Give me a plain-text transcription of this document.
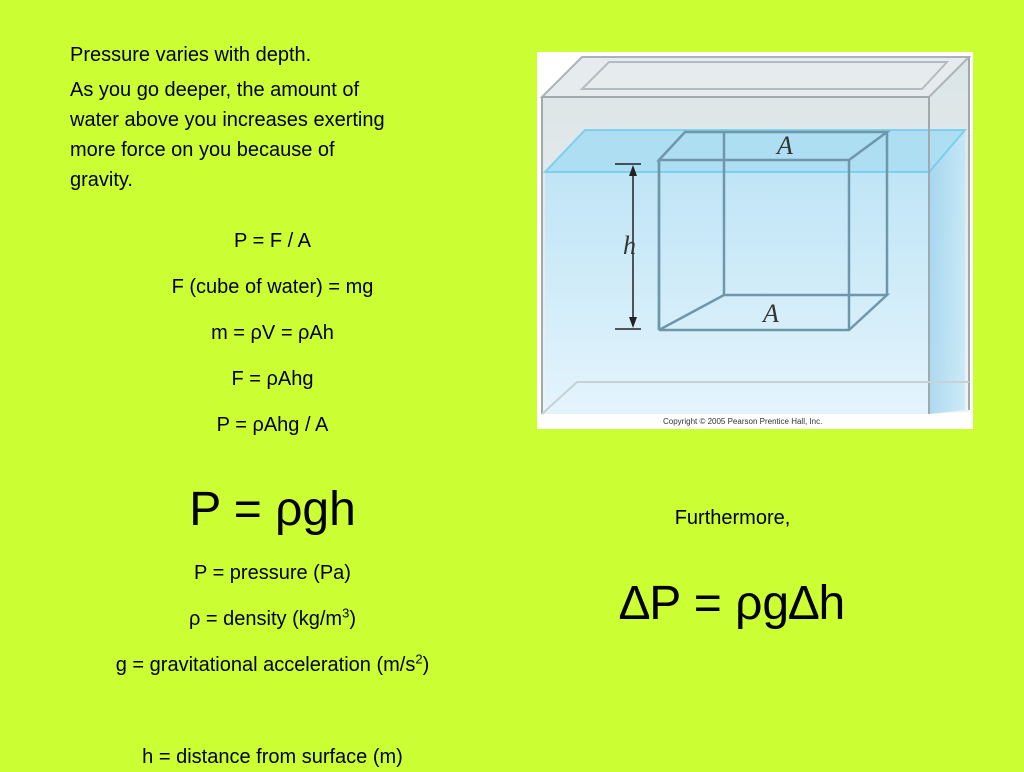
Pressure varies with depth.

As you go deeper, the amount of
water above you increases exerting
more force on you because of
gravity.

P = F / A
F (cube of water) = mg
m = ρV = ρAh
F = ρAhg
P = ρAhg / A
P = ρgh
P = pressure (Pa)
ρ = density $(kg/m^3)$
g = gravitational acceleration $(m/s^2)$
h = distance from surface (m)
Furthermore,
∆P = ρg∆h
A
A
h
Copyright © 2005 Pearson Prentice Hall, Inc.
